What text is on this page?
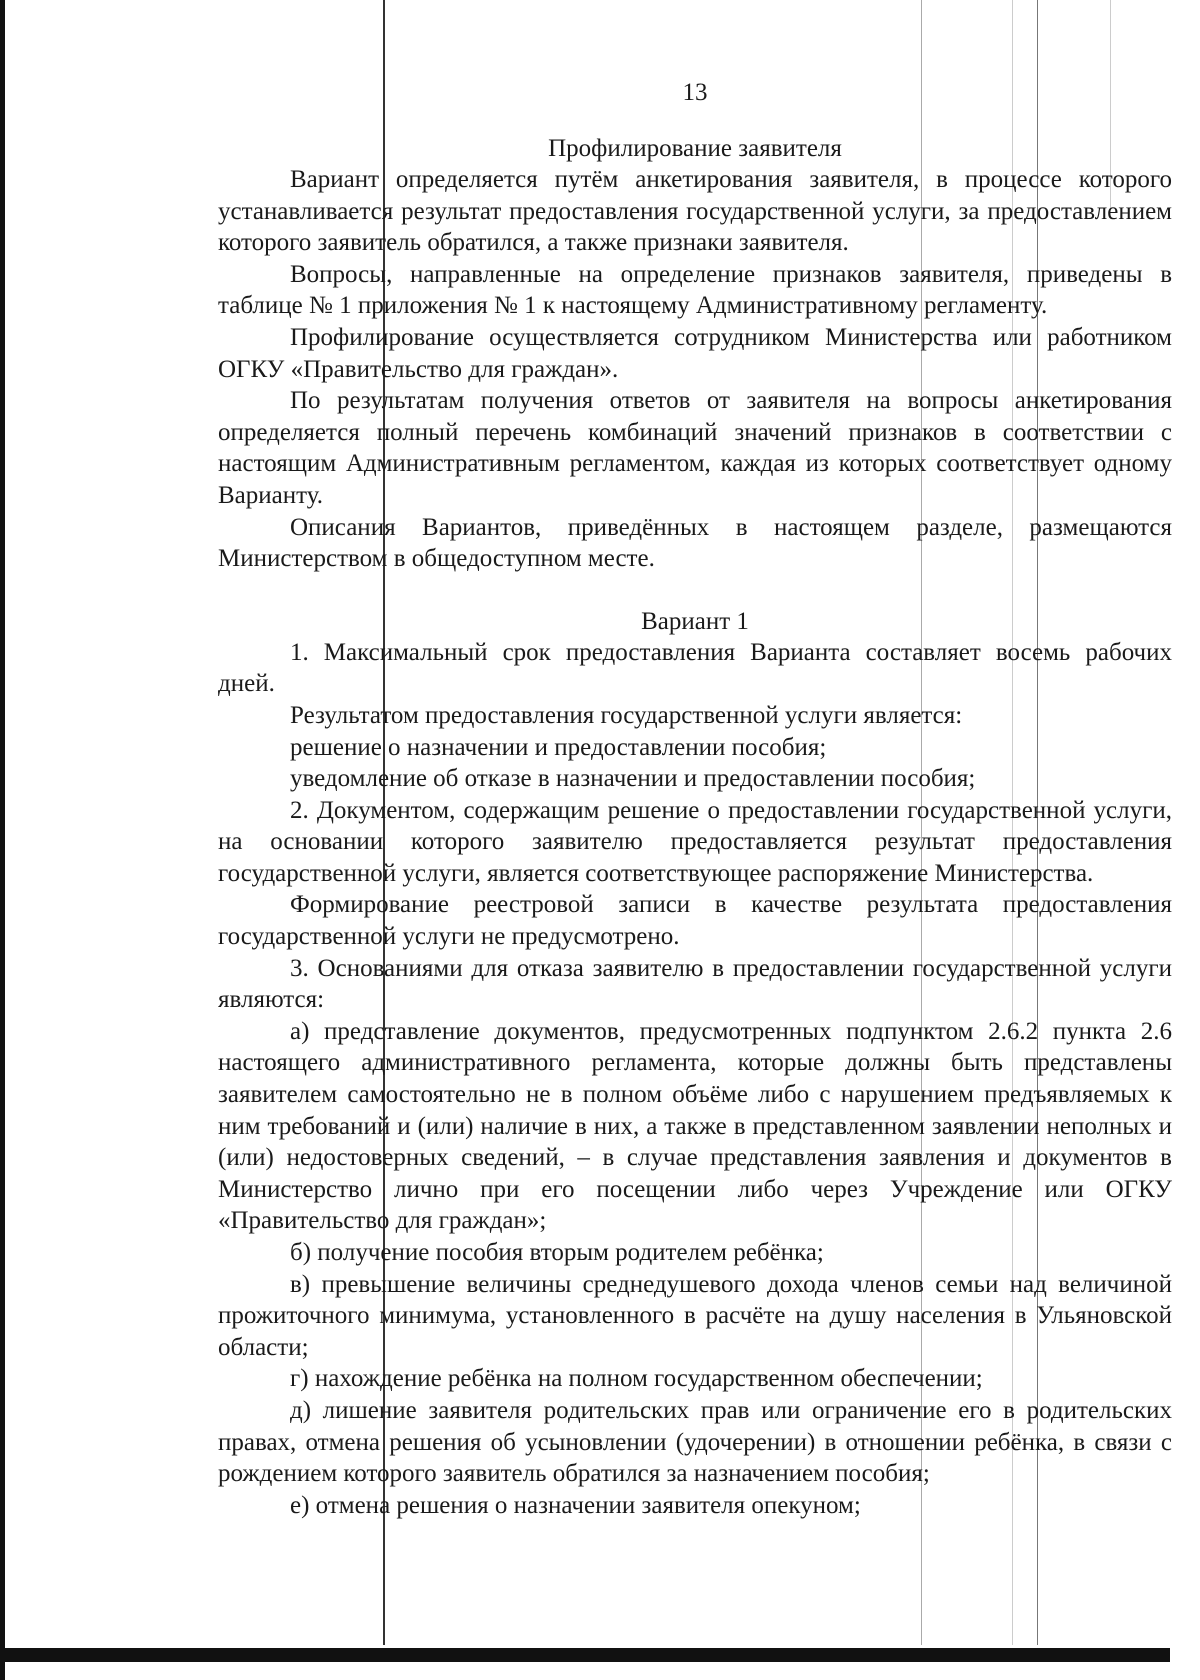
13
Профилирование заявителя

Вариант определяется путём анкетирования заявителя, в процессе которого устанавливается результат предоставления государственной услуги, за предоставлением которого заявитель обратился, а также признаки заявителя.

Вопросы, направленные на определение признаков заявителя, приведены в таблице № 1 приложения № 1 к настоящему Административному регламенту.

Профилирование осуществляется сотрудником Министерства или работником ОГКУ «Правительство для граждан».

По результатам получения ответов от заявителя на вопросы анкетирования определяется полный перечень комбинаций значений признаков в соответствии с настоящим Административным регламентом, каждая из которых соответствует одному Варианту.

Описания Вариантов, приведённых в настоящем разделе, размещаются Министерством в общедоступном месте.

Вариант 1

1. Максимальный срок предоставления Варианта составляет восемь рабочих дней.

Результатом предоставления государственной услуги является:

решение о назначении и предоставлении пособия;

уведомление об отказе в назначении и предоставлении пособия;

2. Документом, содержащим решение о предоставлении государственной услуги, на основании которого заявителю предоставляется результат предоставления государственной услуги, является соответствующее распоряжение Министерства.

Формирование реестровой записи в качестве результата предоставления государственной услуги не предусмотрено.

3. Основаниями для отказа заявителю в предоставлении государственной услуги являются:

а) представление документов, предусмотренных подпунктом 2.6.2 пункта 2.6 настоящего административного регламента, которые должны быть представлены заявителем самостоятельно не в полном объёме либо с нарушением предъявляемых к ним требований и (или) наличие в них, а также в представленном заявлении неполных и (или) недостоверных сведений, – в случае представления заявления и документов в Министерство лично при его посещении либо через Учреждение или ОГКУ «Правительство для граждан»;

б) получение пособия вторым родителем ребёнка;

в) превышение величины среднедушевого дохода членов семьи над величиной прожиточного минимума, установленного в расчёте на душу населения в Ульяновской области;

г) нахождение ребёнка на полном государственном обеспечении;

д) лишение заявителя родительских прав или ограничение его в родительских правах, отмена решения об усыновлении (удочерении) в отношении ребёнка, в связи с рождением которого заявитель обратился за назначением пособия;

е) отмена решения о назначении заявителя опекуном;
